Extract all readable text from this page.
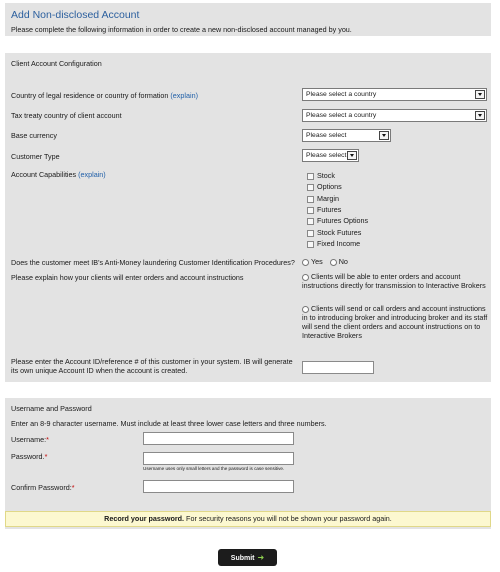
Add Non-disclosed Account
Please complete the following information in order to create a new non-disclosed account managed by you.
Client Account Configuration
Country of legal residence or country of formation (explain)	Please select a country
Tax treaty country of client account	Please select a country
Base currency	Please select
Customer Type	Please select
Account Capabilities (explain)	Stock
Options
Margin
Futures
Futures Options
Stock Futures
Fixed Income
Does the customer meet IB's Anti-Money laundering Customer Identification Procedures?	Yes No
Please explain how your clients will enter orders and account instructions	Clients will be able to enter orders and account instructions directly for transmission to Interactive Brokers
Clients will send or call orders and account instructions in to introducing broker and introducing broker and its staff will send the client orders and account instructions on to Interactive Brokers
Please enter the Account ID/reference # of this customer in your system. IB will generate its own unique Account ID when the account is created.
Username and Password
Enter an 8-9 character username. Must include at least three lower case letters and three numbers.
Username:*
Password.*
Username uses only small letters and the password is case sensitive.
Confirm Password:*
Record your password. For security reasons you will not be shown your password again.
Submit ➜
